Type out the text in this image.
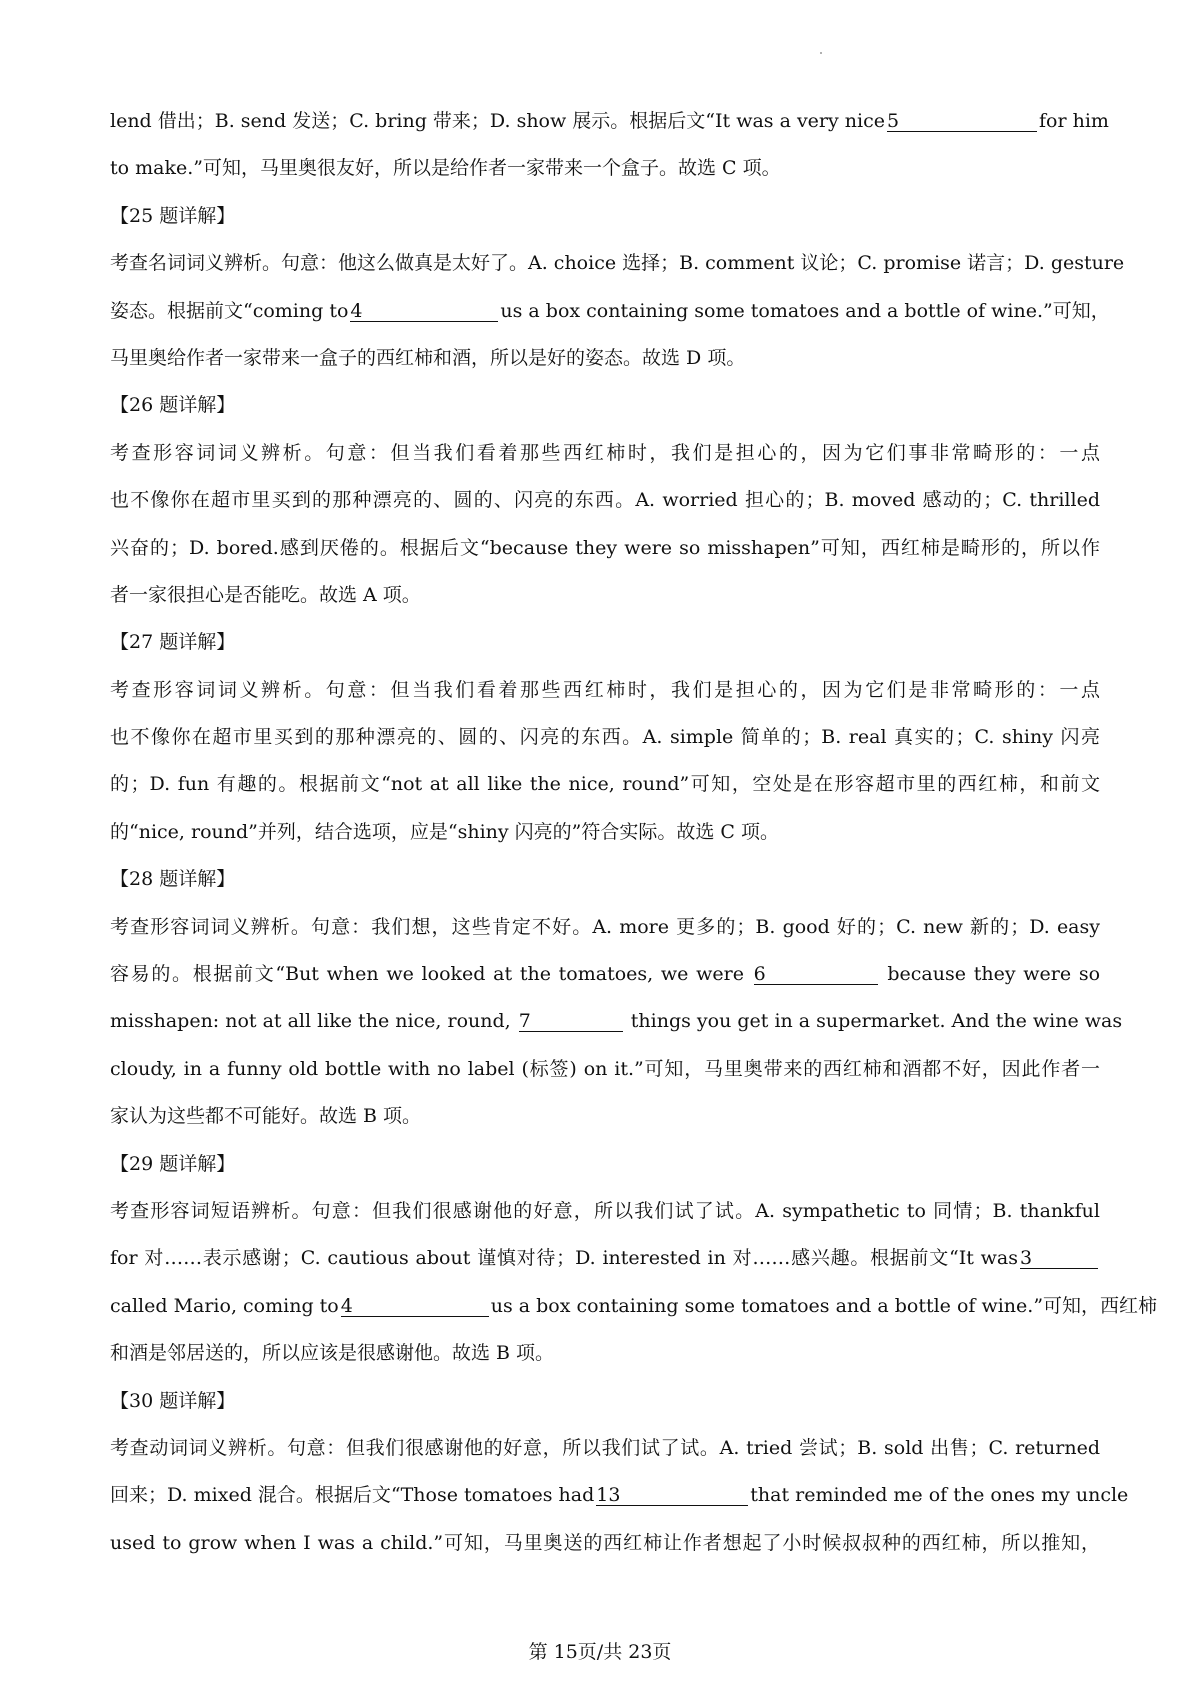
lend 借出；B. send 发送；C. bring 带来；D. show 展示。根据后文“It was a very nice 5	for him
to make.”可知，马里奥很友好，所以是给作者一家带来一个盒子。故选 C 项。
【25 题详解】
考查名词词义辨析。句意：他这么做真是太好了。A. choice 选择；B. comment 议论；C. promise 诺言；D. gesture
姿态。根据前文“coming to 4	us a box containing some tomatoes and a bottle of wine.”可知，
马里奥给作者一家带来一盒子的西红柿和酒，所以是好的姿态。故选 D 项。
【26 题详解】
考查形容词词义辨析。句意：但当我们看着那些西红柿时，我们是担心的，因为它们事非常畸形的：一点
也不像你在超市里买到的那种漂亮的、圆的、闪亮的东西。A. worried 担心的；B. moved 感动的；C. thrilled
兴奋的；D. bored.感到厌倦的。根据后文“because they were so misshapen”可知，西红柿是畸形的，所以作
者一家很担心是否能吃。故选 A 项。
【27 题详解】
考查形容词词义辨析。句意：但当我们看着那些西红柿时，我们是担心的，因为它们是非常畸形的：一点
也不像你在超市里买到的那种漂亮的、圆的、闪亮的东西。A. simple 简单的；B. real 真实的；C. shiny 闪亮
的；D. fun 有趣的。根据前文“not at all like the nice, round”可知，空处是在形容超市里的西红柿，和前文
的“nice, round”并列，结合选项，应是“shiny 闪亮的”符合实际。故选 C 项。
【28 题详解】
考查形容词词义辨析。句意：我们想，这些肯定不好。A. more 更多的；B. good 好的；C. new 新的；D. easy
容易的。根据前文“But when we looked at the tomatoes, we were 6	because they were so
misshapen: not at all like the nice, round, 7	things you get in a supermarket. And the wine was
cloudy, in a funny old bottle with no label (标签) on it.”可知，马里奥带来的西红柿和酒都不好，因此作者一
家认为这些都不可能好。故选 B 项。
【29 题详解】
考查形容词短语辨析。句意：但我们很感谢他的好意，所以我们试了试。A. sympathetic to 同情；B. thankful
for 对……表示感谢；C. cautious about 谨慎对待；D. interested in 对……感兴趣。根据前文“It was 3
called Mario, coming to 4	us a box containing some tomatoes and a bottle of wine.”可知，西红柿
和酒是邻居送的，所以应该是很感谢他。故选 B 项。
【30 题详解】
考查动词词义辨析。句意：但我们很感谢他的好意，所以我们试了试。A. tried 尝试；B. sold 出售；C. returned
回来；D. mixed 混合。根据后文“Those tomatoes had 13	that reminded me of the ones my uncle
used to grow when I was a child.”可知，马里奥送的西红柿让作者想起了小时候叔叔种的西红柿，所以推知，
第 15页/共 23页
